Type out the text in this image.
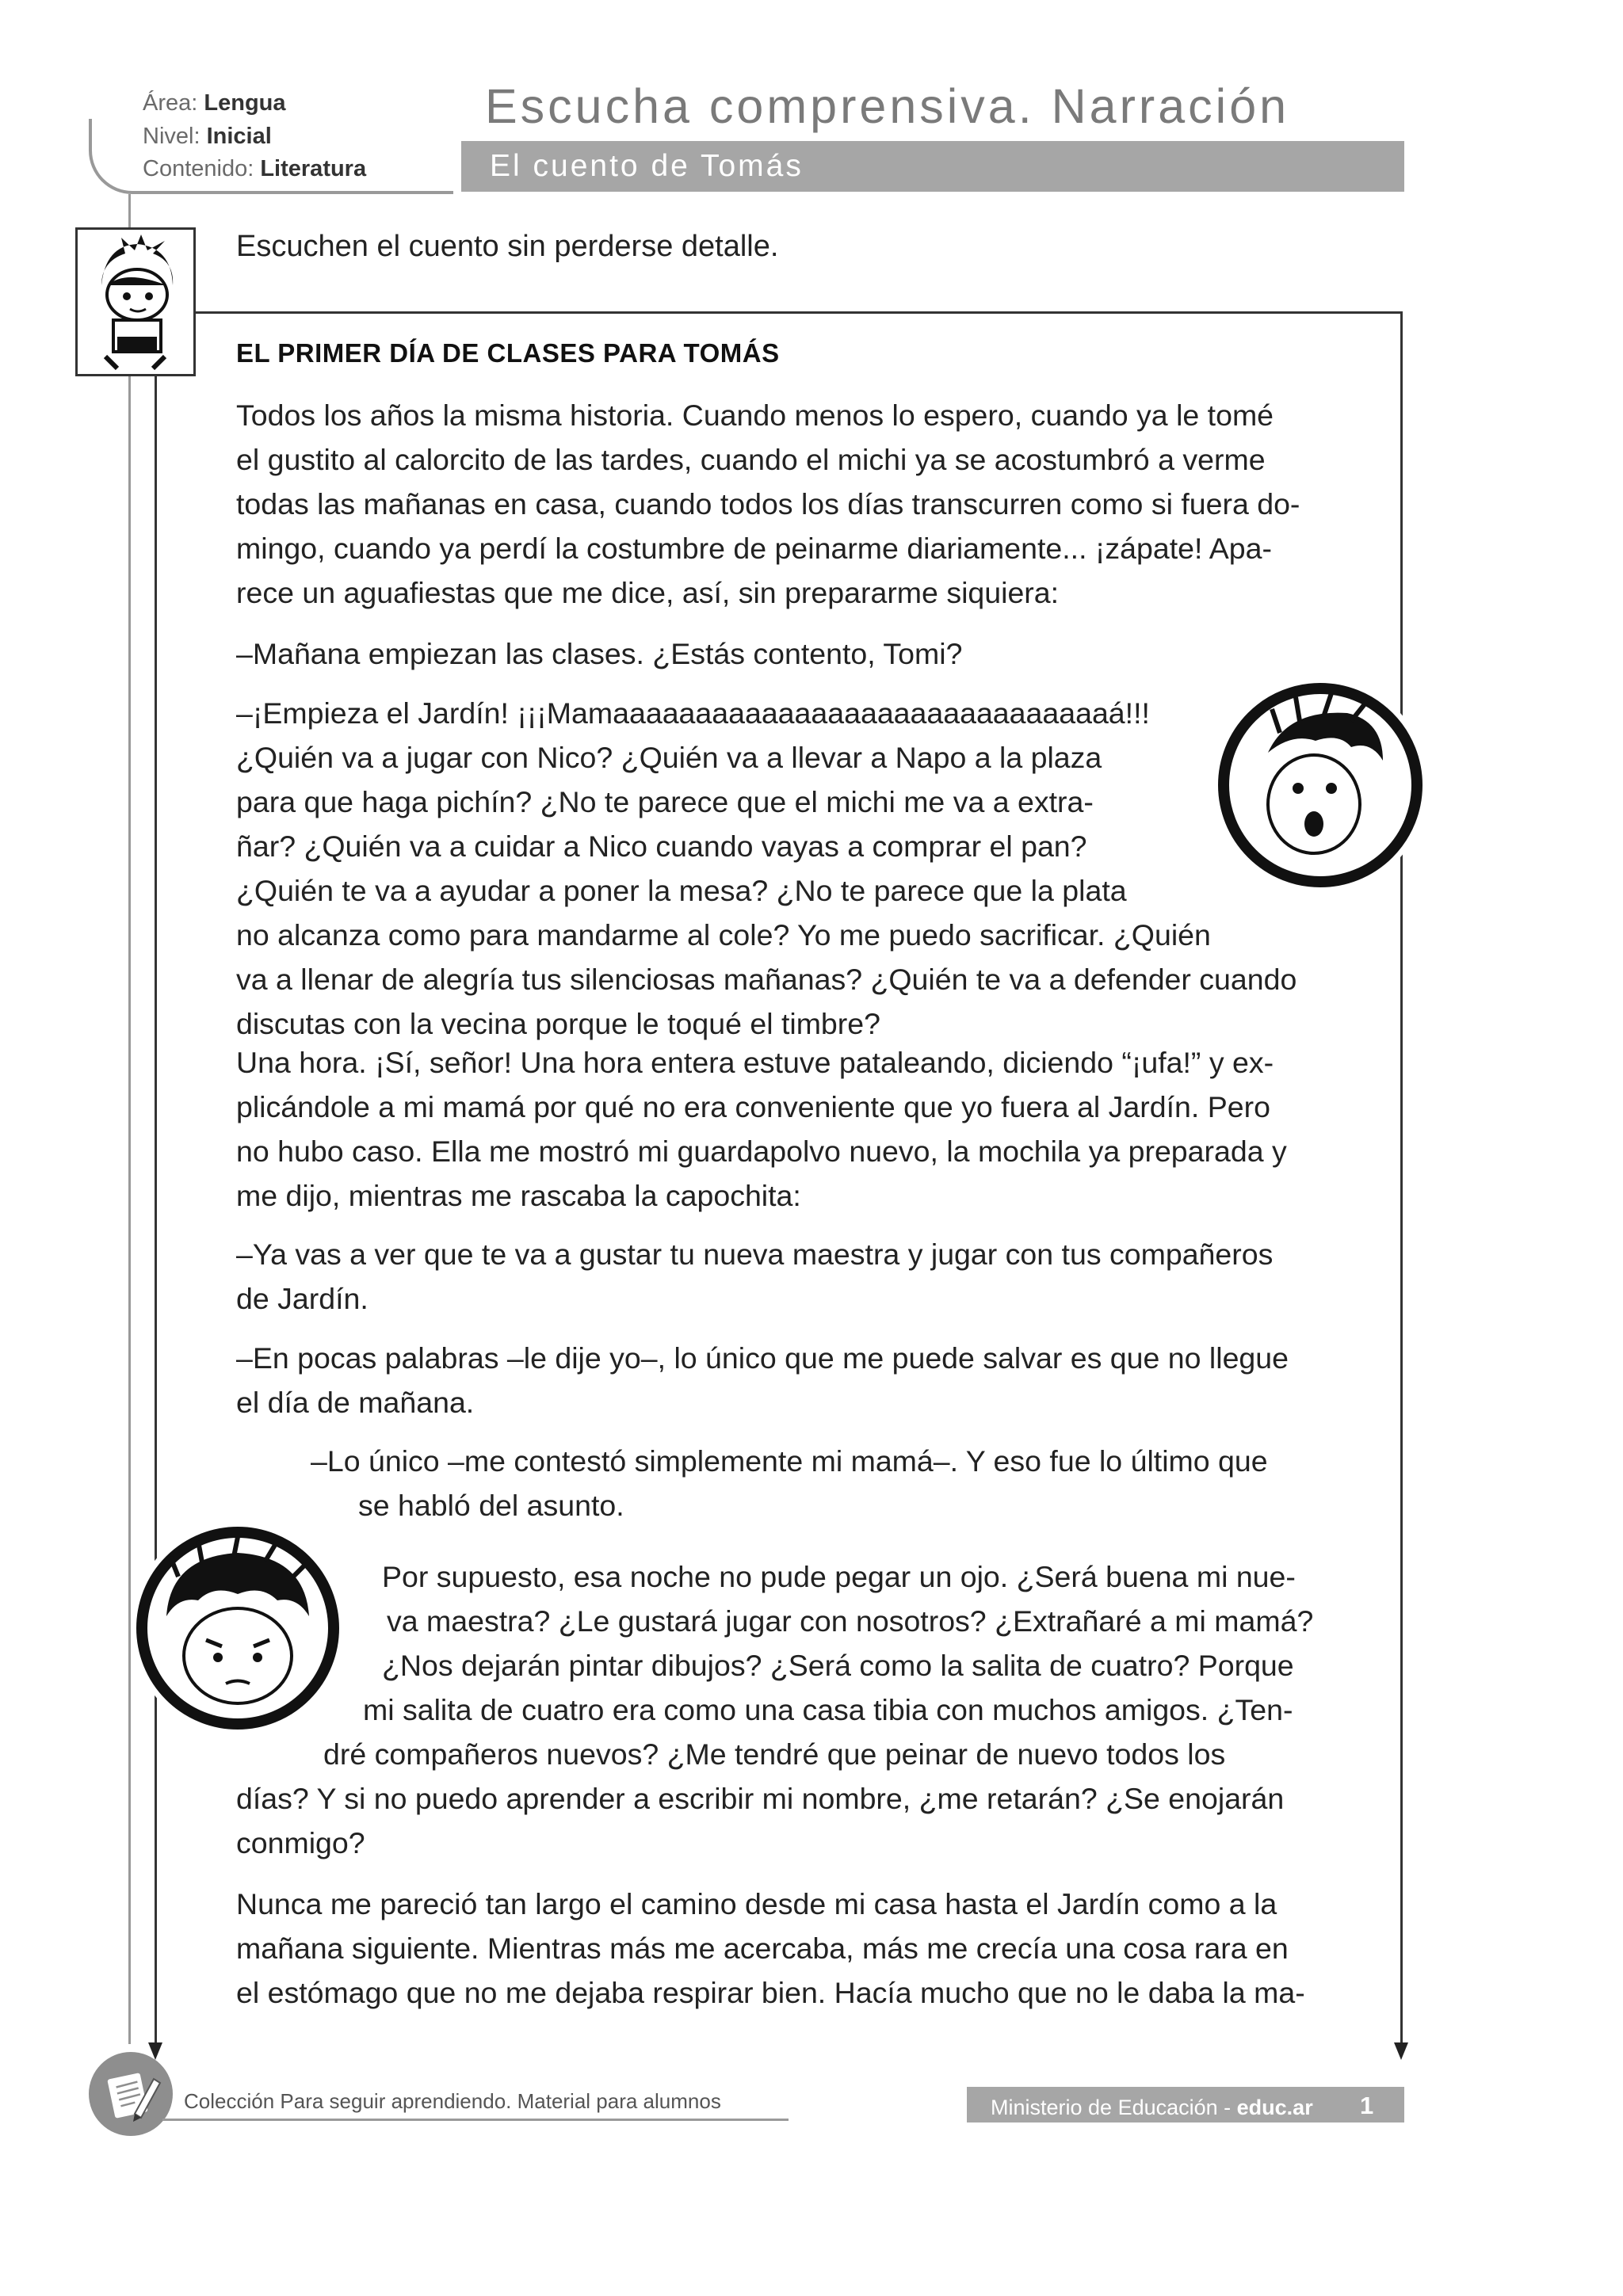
Área: Lengua
Nivel: Inicial
Contenido: Literatura
Escucha comprensiva. Narración
El cuento de Tomás
Escuchen el cuento sin perderse detalle.
EL PRIMER DÍA DE CLASES PARA TOMÁS
Todos los años la misma historia. Cuando menos lo espero, cuando ya le tomé
el gustito al calorcito de las tardes, cuando el michi ya se acostumbró a verme
todas las mañanas en casa, cuando todos los días transcurren como si fuera do-
mingo, cuando ya perdí la costumbre de peinarme diariamente... ¡zápate! Apa-
rece un aguafiestas que me dice, así, sin prepararme siquiera:
–Mañana empiezan las clases. ¿Estás contento, Tomi?
–¡Empieza el Jardín! ¡¡¡Mamaaaaaaaaaaaaaaaaaaaaaaaaaaaaaaá!!!
¿Quién va a jugar con Nico? ¿Quién va a llevar a Napo a la plaza
para que haga pichín? ¿No te parece que el michi me va a extra-
ñar? ¿Quién va a cuidar a Nico cuando vayas a comprar el pan?
¿Quién te va a ayudar a poner la mesa? ¿No te parece que la plata
no alcanza como para mandarme al cole? Yo me puedo sacrificar. ¿Quién
va a llenar de alegría tus silenciosas mañanas? ¿Quién te va a defender cuando
discutas con la vecina porque le toqué el timbre?
Una hora. ¡Sí, señor! Una hora entera estuve pataleando, diciendo “¡ufa!” y ex-
plicándole a mi mamá por qué no era conveniente que yo fuera al Jardín. Pero
no hubo caso. Ella me mostró mi guardapolvo nuevo, la mochila ya preparada y
me dijo, mientras me rascaba la capochita:
–Ya vas a ver que te va a gustar tu nueva maestra y jugar con tus compañeros
de Jardín.
–En pocas palabras –le dije yo–, lo único que me puede salvar es que no llegue
el día de mañana.
–Lo único –me contestó simplemente mi mamá–. Y eso fue lo último que
se habló del asunto.
Por supuesto, esa noche no pude pegar un ojo. ¿Será buena mi nue-
va maestra? ¿Le gustará jugar con nosotros? ¿Extrañaré a mi mamá?
¿Nos dejarán pintar dibujos? ¿Será como la salita de cuatro? Porque
mi salita de cuatro era como una casa tibia con muchos amigos. ¿Ten-
dré compañeros nuevos? ¿Me tendré que peinar de nuevo todos los
días? Y si no puedo aprender a escribir mi nombre, ¿me retarán? ¿Se enojarán
conmigo?
Nunca me pareció tan largo el camino desde mi casa hasta el Jardín como a la
mañana siguiente. Mientras más me acercaba, más me crecía una cosa rara en
el estómago que no me dejaba respirar bien. Hacía mucho que no le daba la ma-
Colección Para seguir aprendiendo. Material para alumnos	Ministerio de Educación - educ.ar 1
